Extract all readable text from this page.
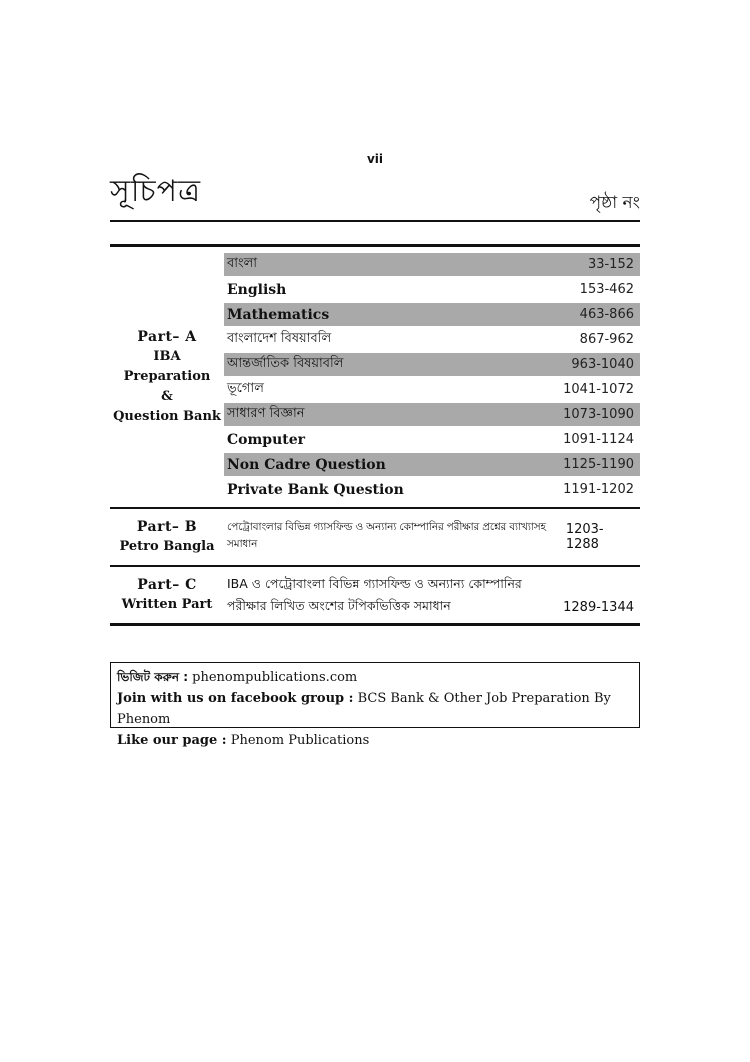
vii
সূচিপত্র	পৃষ্ঠা নং
Part– A
IBA Preparation
&
Question Bank
বাংলা	33-152
English	153-462
Mathematics	463-866
বাংলাদেশ বিষয়াবলি	867-962
আন্তর্জাতিক বিষয়াবলি	963-1040
ভূগোল	1041-1072
সাধারণ বিজ্ঞান	1073-1090
Computer	1091-1124
Non Cadre Question	1125-1190
Private Bank Question	1191-1202
Part– B
Petro Bangla
পেট্রোবাংলার বিভিন্ন গ্যাসফিল্ড ও অন্যান্য কোম্পানির পরীক্ষার প্রশ্নের ব্যাখ্যাসহ সমাধান
1203-1288
Part– C
Written Part
IBA ও পেট্রোবাংলা বিভিন্ন গ্যাসফিল্ড ও অন্যান্য কোম্পানির
পরীক্ষার লিখিত অংশের টপিকভিত্তিক সমাধান	1289-1344
ভিজিট করুন : phenompublications.com
Join with us on facebook group : BCS Bank & Other Job Preparation By Phenom
Like our page : Phenom Publications
